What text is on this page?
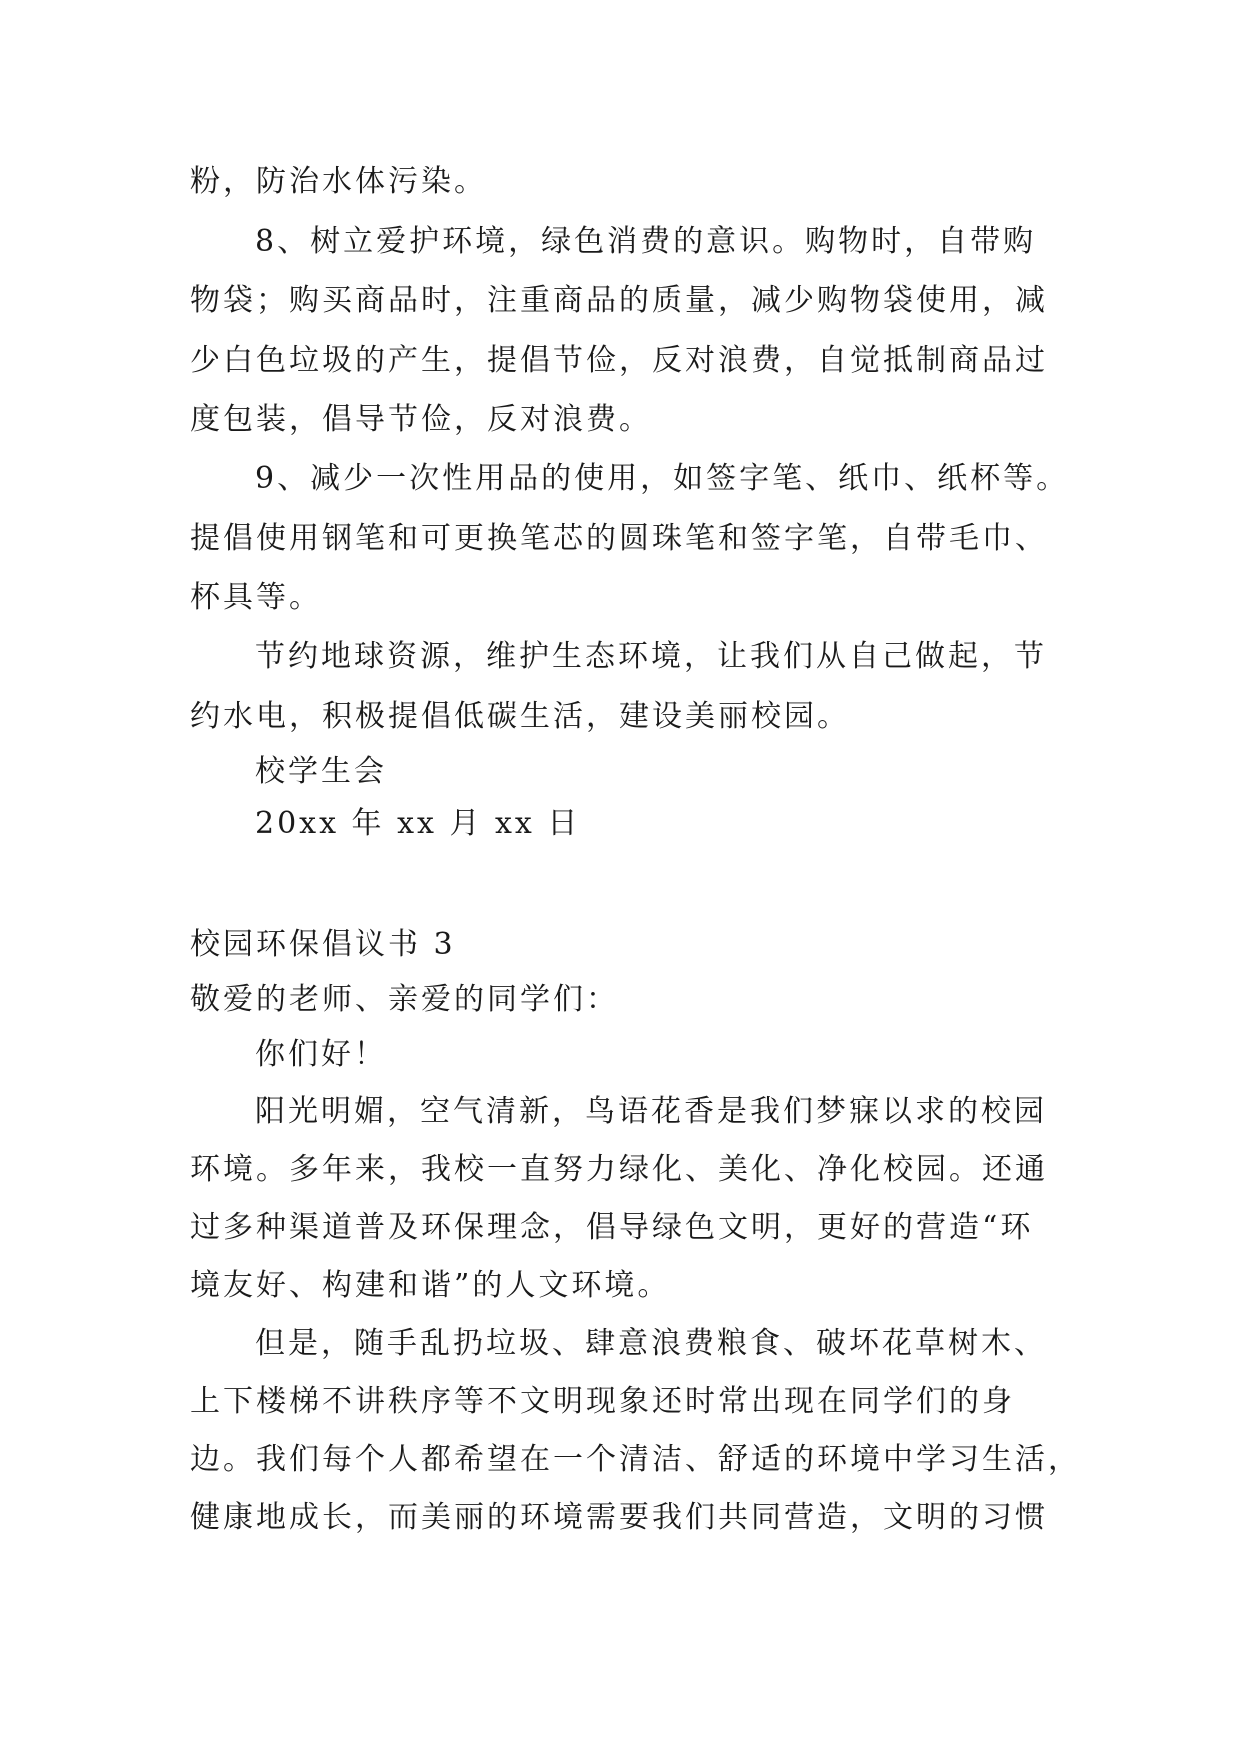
粉，防治水体污染。
8、树立爱护环境，绿色消费的意识。购物时，自带购
物袋；购买商品时，注重商品的质量，减少购物袋使用，减
少白色垃圾的产生，提倡节俭，反对浪费，自觉抵制商品过
度包装，倡导节俭，反对浪费。
9、减少一次性用品的使用，如签字笔、纸巾、纸杯等。
提倡使用钢笔和可更换笔芯的圆珠笔和签字笔，自带毛巾、
杯具等。
节约地球资源，维护生态环境，让我们从自己做起，节
约水电，积极提倡低碳生活，建设美丽校园。
校学生会
20xx 年 xx 月 xx 日
校园环保倡议书 3
敬爱的老师、亲爱的同学们：
你们好！
阳光明媚，空气清新，鸟语花香是我们梦寐以求的校园
环境。多年来，我校一直努力绿化、美化、净化校园。还通
过多种渠道普及环保理念，倡导绿色文明，更好的营造“环
境友好、构建和谐”的人文环境。
但是，随手乱扔垃圾、肆意浪费粮食、破坏花草树木、
上下楼梯不讲秩序等不文明现象还时常出现在同学们的身
边。我们每个人都希望在一个清洁、舒适的环境中学习生活，
健康地成长，而美丽的环境需要我们共同营造，文明的习惯
